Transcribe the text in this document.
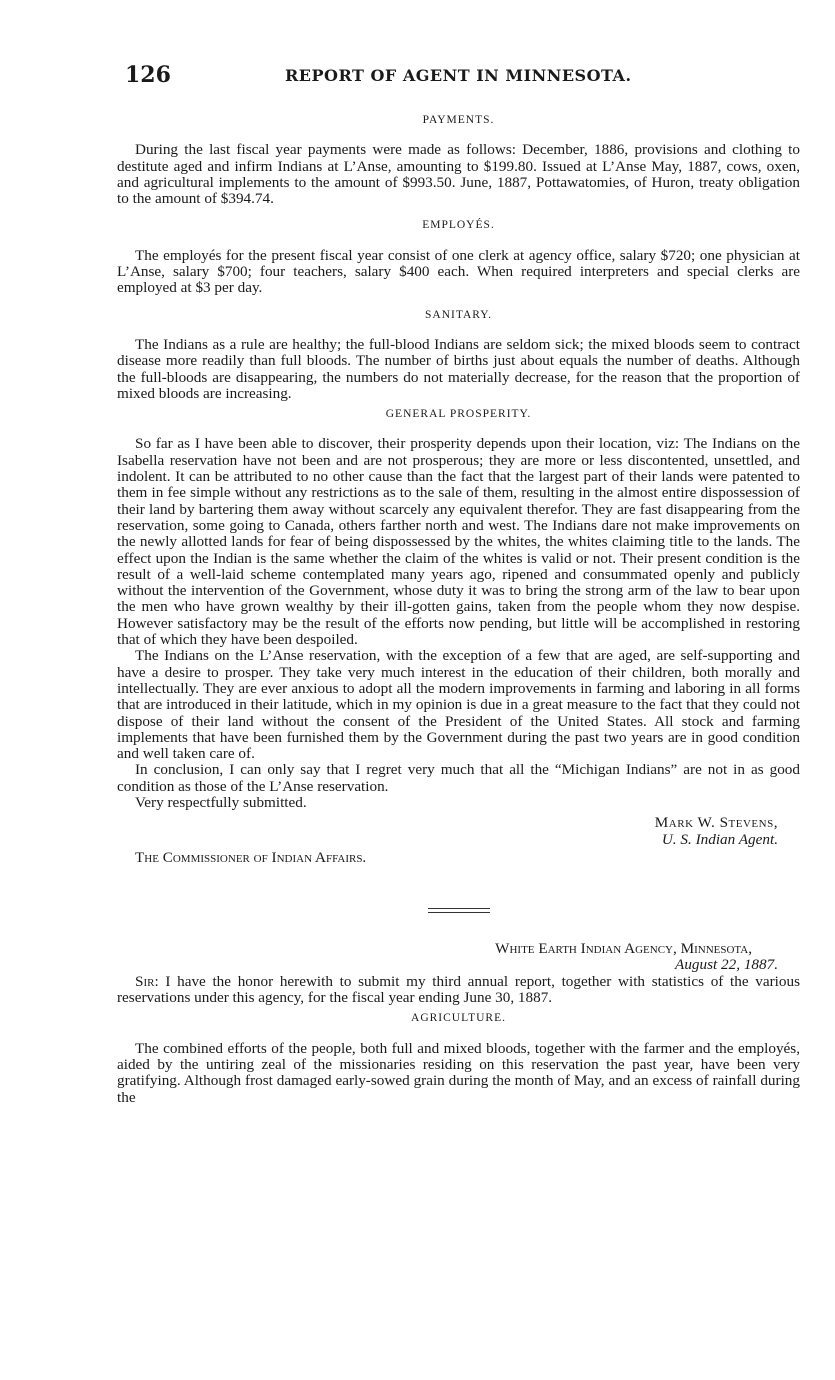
126	REPORT OF AGENT IN MINNESOTA.
PAYMENTS.

During the last fiscal year payments were made as follows: December, 1886, provisions and clothing to destitute aged and infirm Indians at L’Anse, amounting to $199.80. Issued at L’Anse May, 1887, cows, oxen, and agricultural implements to the amount of $993.50. June, 1887, Pottawatomies, of Huron, treaty obligation to the amount of $394.74.

EMPLOYÉS.

The employés for the present fiscal year consist of one clerk at agency office, salary $720; one physician at L’Anse, salary $700; four teachers, salary $400 each. When required interpreters and special clerks are employed at $3 per day.

SANITARY.

The Indians as a rule are healthy; the full-blood Indians are seldom sick; the mixed bloods seem to contract disease more readily than full bloods. The number of births just about equals the number of deaths. Although the full-bloods are disappearing, the numbers do not materially decrease, for the reason that the proportion of mixed bloods are increasing.

GENERAL PROSPERITY.

So far as I have been able to discover, their prosperity depends upon their location, viz: The Indians on the Isabella reservation have not been and are not prosperous; they are more or less discontented, unsettled, and indolent. It can be attributed to no other cause than the fact that the largest part of their lands were patented to them in fee simple without any restrictions as to the sale of them, resulting in the almost entire dispossession of their land by bartering them away without scarcely any equivalent therefor. They are fast disappearing from the reservation, some going to Canada, others farther north and west. The Indians dare not make improvements on the newly allotted lands for fear of being dispossessed by the whites, the whites claiming title to the lands. The effect upon the Indian is the same whether the claim of the whites is valid or not. Their present condition is the result of a well-laid scheme contemplated many years ago, ripened and consummated openly and publicly without the intervention of the Government, whose duty it was to bring the strong arm of the law to bear upon the men who have grown wealthy by their ill-gotten gains, taken from the people whom they now despise. However satisfactory may be the result of the efforts now pending, but little will be accomplished in restoring that of which they have been despoiled.

The Indians on the L’Anse reservation, with the exception of a few that are aged, are self-supporting and have a desire to prosper. They take very much interest in the education of their children, both morally and intellectually. They are ever anxious to adopt all the modern improvements in farming and laboring in all forms that are introduced in their latitude, which in my opinion is due in a great measure to the fact that they could not dispose of their land without the consent of the President of the United States. All stock and farming implements that have been furnished them by the Government during the past two years are in good condition and well taken care of.

In conclusion, I can only say that I regret very much that all the “Michigan Indians” are not in as good condition as those of the L’Anse reservation.

Very respectfully submitted.
Mark W. Stevens,
U. S. Indian Agent.
The Commissioner of Indian Affairs.
White Earth Indian Agency, Minnesota,
August 22, 1887.

Sir: I have the honor herewith to submit my third annual report, together with statistics of the various reservations under this agency, for the fiscal year ending June 30, 1887.

AGRICULTURE.

The combined efforts of the people, both full and mixed bloods, together with the farmer and the employés, aided by the untiring zeal of the missionaries residing on this reservation the past year, have been very gratifying. Although frost damaged early-sowed grain during the month of May, and an excess of rainfall during the
